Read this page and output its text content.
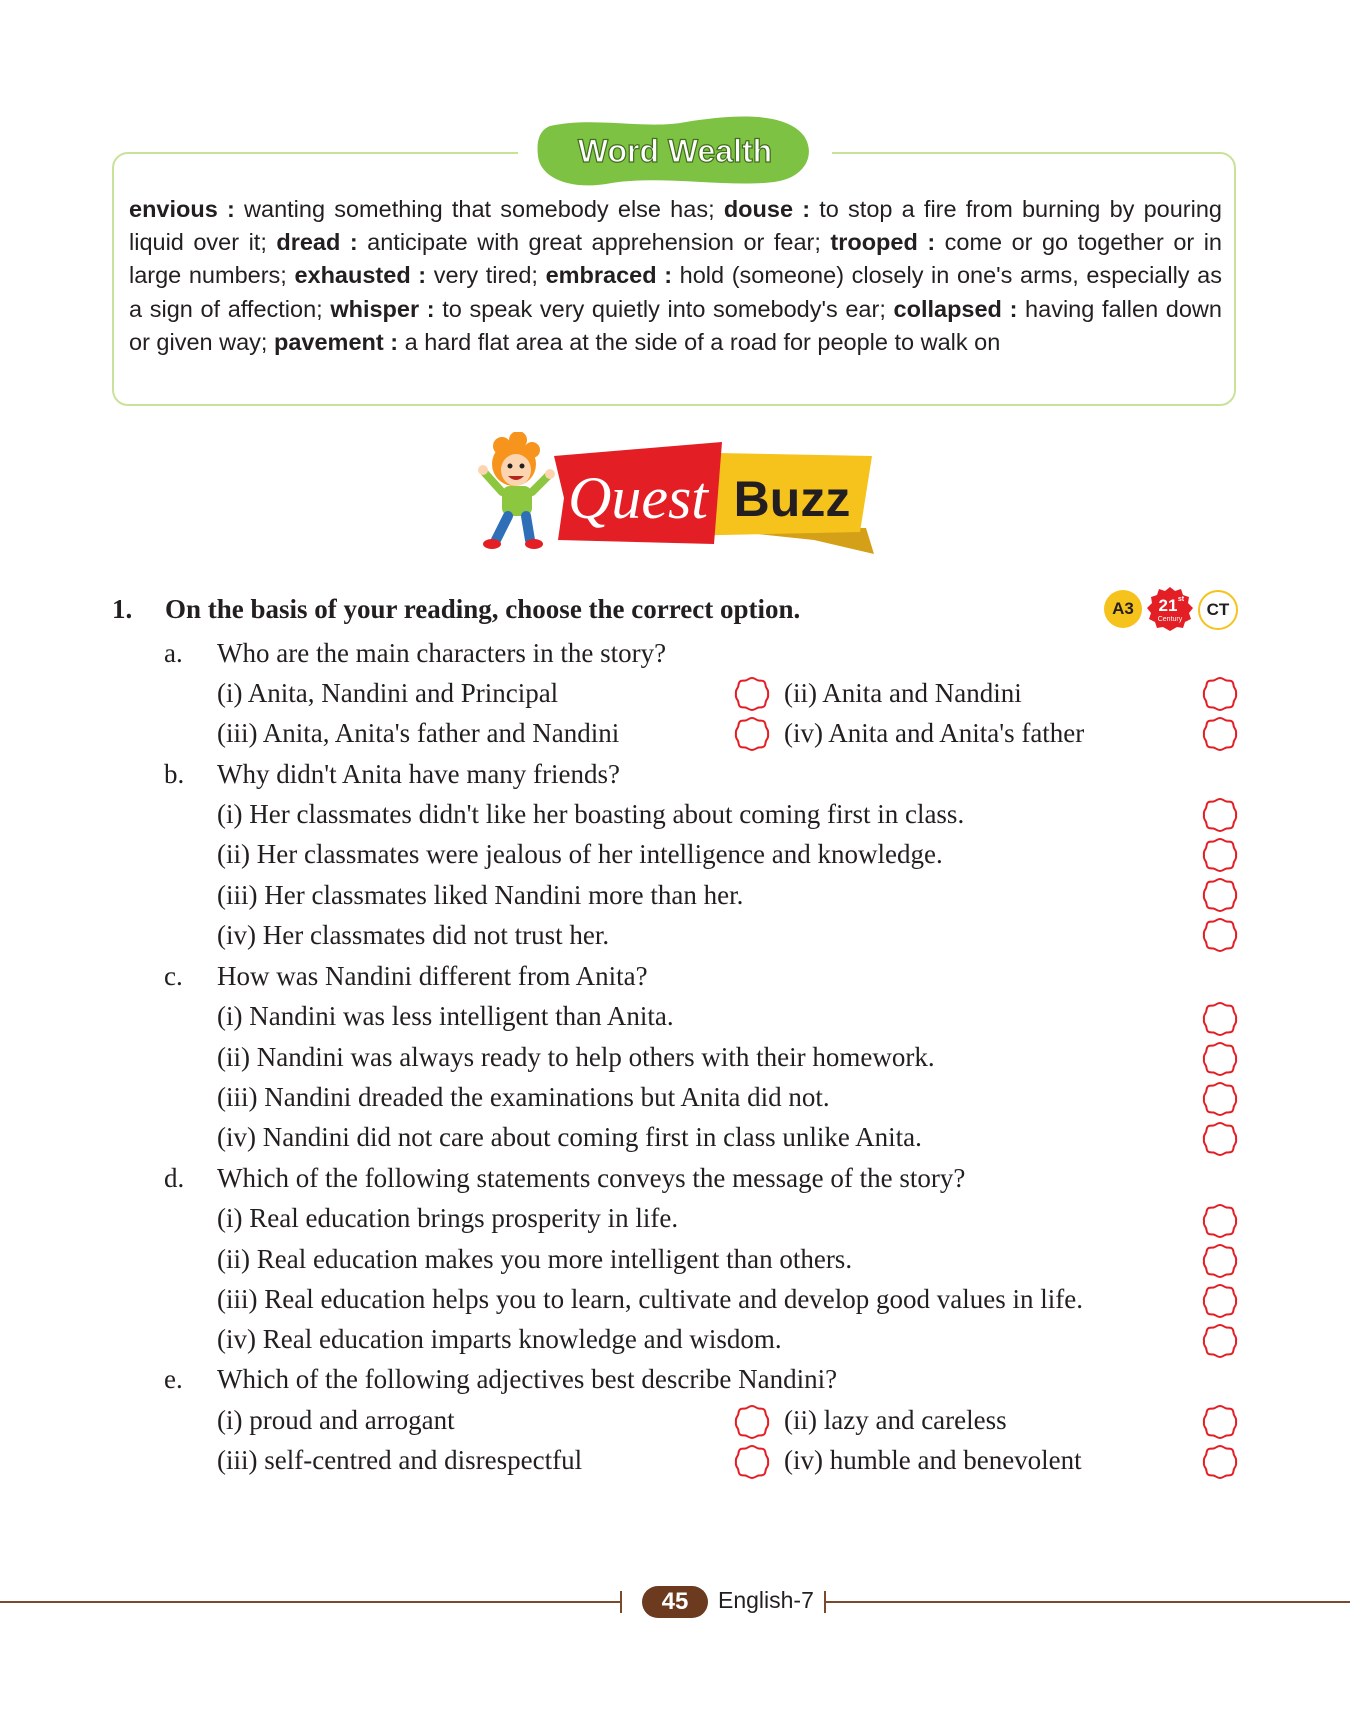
Word Wealth
envious : wanting something that somebody else has; douse : to stop a fire from burning by pouring liquid over it; dread : anticipate with great apprehension or fear; trooped : come or go together or in large numbers; exhausted : very tired; embraced : hold (someone) closely in one's arms, especially as a sign of affection; whisper : to speak very quietly into somebody's ear; collapsed : having fallen down or given way; pavement : a hard flat area at the side of a road for people to walk on
Quest Buzz
1. On the basis of your reading, choose the correct option.	A3	21 st
Century
CT
a. Who are the main characters in the story?
(i) Anita, Nandini and Principal	(ii) Anita and Nandini
(iii) Anita, Anita's father and Nandini	(iv) Anita and Anita's father
b. Why didn't Anita have many friends?
(i) Her classmates didn't like her boasting about coming first in class.
(ii) Her classmates were jealous of her intelligence and knowledge.
(iii) Her classmates liked Nandini more than her.
(iv) Her classmates did not trust her.
c. How was Nandini different from Anita?
(i) Nandini was less intelligent than Anita.
(ii) Nandini was always ready to help others with their homework.
(iii) Nandini dreaded the examinations but Anita did not.
(iv) Nandini did not care about coming first in class unlike Anita.
d. Which of the following statements conveys the message of the story?
(i) Real education brings prosperity in life.
(ii) Real education makes you more intelligent than others.
(iii) Real education helps you to learn, cultivate and develop good values in life.
(iv) Real education imparts knowledge and wisdom.
e. Which of the following adjectives best describe Nandini?
(i) proud and arrogant	(ii) lazy and careless
(iii) self-centred and disrespectful	(iv) humble and benevolent
45	English-7
